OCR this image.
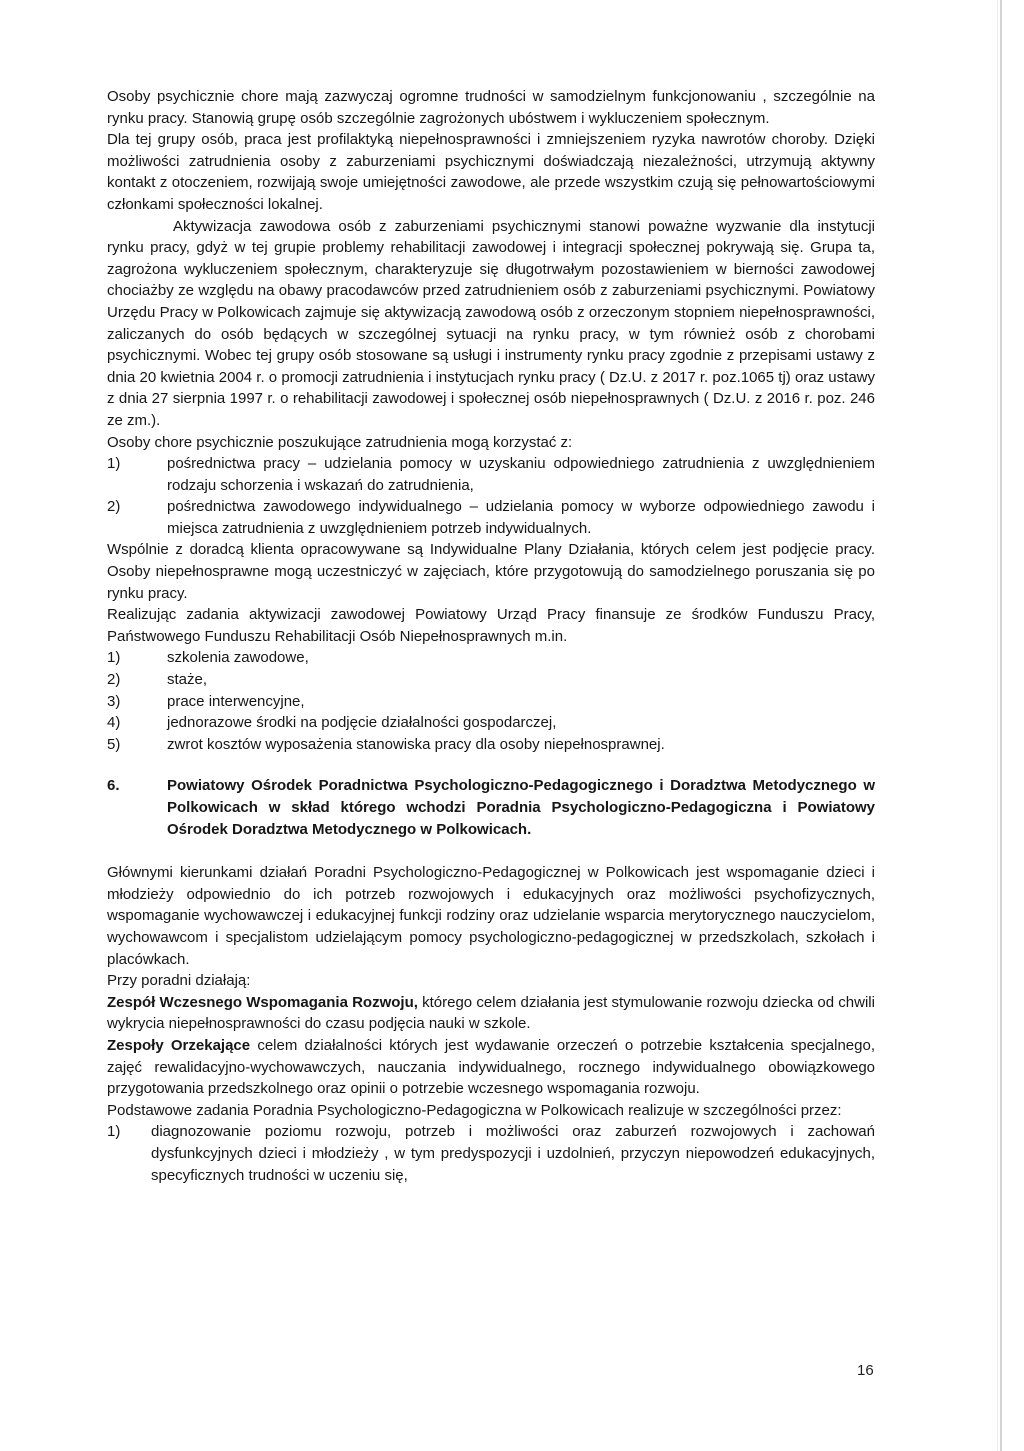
Osoby psychicznie chore mają zazwyczaj ogromne trudności w samodzielnym funkcjonowaniu , szczególnie na rynku pracy. Stanowią grupę osób szczególnie zagrożonych ubóstwem i wykluczeniem społecznym.

Dla tej grupy osób, praca jest profilaktyką niepełnosprawności i zmniejszeniem ryzyka nawrotów choroby. Dzięki możliwości zatrudnienia osoby z zaburzeniami psychicznymi doświadczają niezależności, utrzymują aktywny kontakt z otoczeniem, rozwijają swoje umiejętności zawodowe, ale przede wszystkim czują się pełnowartościowymi członkami społeczności lokalnej.

Aktywizacja zawodowa osób z zaburzeniami psychicznymi stanowi poważne wyzwanie dla instytucji rynku pracy, gdyż w tej grupie problemy rehabilitacji zawodowej i integracji społecznej pokrywają się. Grupa ta, zagrożona wykluczeniem społecznym, charakteryzuje się długotrwałym pozostawieniem w bierności zawodowej chociażby ze względu na obawy pracodawców przed zatrudnieniem osób z zaburzeniami psychicznymi. Powiatowy Urzędu Pracy w Polkowicach zajmuje się aktywizacją zawodową osób z orzeczonym stopniem niepełnosprawności, zaliczanych do osób będących w szczególnej sytuacji na rynku pracy, w tym również osób z chorobami psychicznymi. Wobec tej grupy osób stosowane są usługi i instrumenty rynku pracy zgodnie z przepisami ustawy z dnia 20 kwietnia 2004 r. o promocji zatrudnienia i instytucjach rynku pracy ( Dz.U. z 2017 r. poz.1065 tj) oraz ustawy z dnia 27 sierpnia 1997 r. o rehabilitacji zawodowej i społecznej osób niepełnosprawnych ( Dz.U. z 2016 r. poz. 246 ze zm.).

Osoby chore psychicznie poszukujące zatrudnienia mogą korzystać z:

1)	pośrednictwa pracy – udzielania pomocy w uzyskaniu odpowiedniego zatrudnienia z uwzględnieniem rodzaju schorzenia i wskazań do zatrudnienia,
2)	pośrednictwa zawodowego indywidualnego – udzielania pomocy w wyborze odpowiedniego zawodu i miejsca zatrudnienia z uwzględnieniem potrzeb indywidualnych.

Wspólnie z doradcą klienta opracowywane są Indywidualne Plany Działania, których celem jest podjęcie pracy. Osoby niepełnosprawne mogą uczestniczyć w zajęciach, które przygotowują do samodzielnego poruszania się po rynku pracy.

Realizując zadania aktywizacji zawodowej Powiatowy Urząd Pracy finansuje ze środków Funduszu Pracy, Państwowego Funduszu Rehabilitacji Osób Niepełnosprawnych m.in.

1)	szkolenia zawodowe,
2)	staże,
3)	prace interwencyjne,
4)	jednorazowe środki na podjęcie działalności gospodarczej,
5)	zwrot kosztów wyposażenia stanowiska pracy dla osoby niepełnosprawnej.

6.	Powiatowy Ośrodek Poradnictwa Psychologiczno-Pedagogicznego i Doradztwa Metodycznego w Polkowicach w skład którego wchodzi Poradnia Psychologiczno-Pedagogiczna i Powiatowy Ośrodek Doradztwa Metodycznego w Polkowicach.

Głównymi kierunkami działań Poradni Psychologiczno-Pedagogicznej w Polkowicach jest wspomaganie dzieci i młodzieży odpowiednio do ich potrzeb rozwojowych i edukacyjnych oraz możliwości psychofizycznych, wspomaganie wychowawczej i edukacyjnej funkcji rodziny oraz udzielanie wsparcia merytorycznego nauczycielom, wychowawcom i specjalistom udzielającym pomocy psychologiczno-pedagogicznej w przedszkolach, szkołach i placówkach.

Przy poradni działają:

Zespół Wczesnego Wspomagania Rozwoju, którego celem działania jest stymulowanie rozwoju dziecka od chwili wykrycia niepełnosprawności do czasu podjęcia nauki w szkole.

Zespoły Orzekające celem działalności których jest wydawanie orzeczeń o potrzebie kształcenia specjalnego, zajęć rewalidacyjno-wychowawczych, nauczania indywidualnego, rocznego indywidualnego obowiązkowego przygotowania przedszkolnego oraz opinii o potrzebie wczesnego wspomagania rozwoju.

Podstawowe zadania Poradnia Psychologiczno-Pedagogiczna w Polkowicach realizuje w szczególności przez:

1)	diagnozowanie poziomu rozwoju, potrzeb i możliwości oraz zaburzeń rozwojowych i zachowań dysfunkcyjnych dzieci i młodzieży , w tym predyspozycji i uzdolnień, przyczyn niepowodzeń edukacyjnych, specyficznych trudności w uczeniu się,
16
